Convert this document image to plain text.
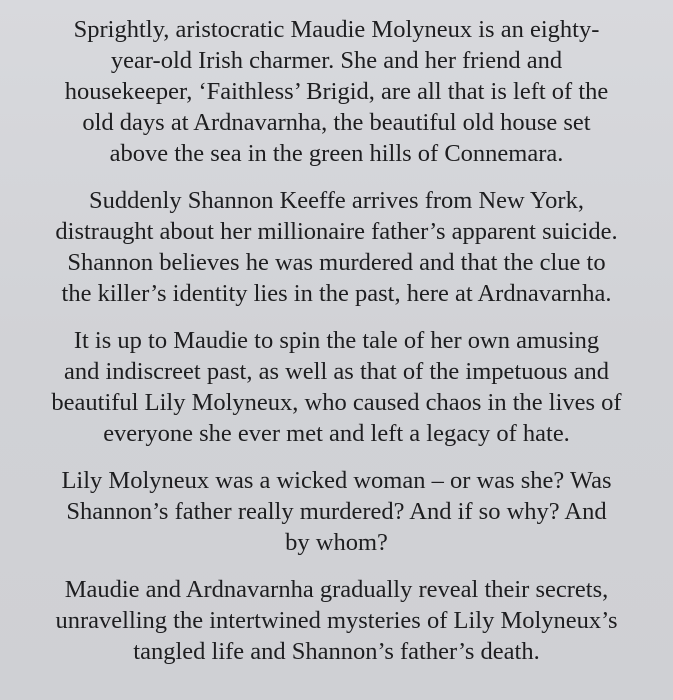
Sprightly, aristocratic Maudie Molyneux is an eighty-
year-old Irish charmer. She and her friend and
housekeeper, ‘Faithless’ Brigid, are all that is left of the
old days at Ardnavarnha, the beautiful old house set
above the sea in the green hills of Connemara.

Suddenly Shannon Keeffe arrives from New York,
distraught about her millionaire father’s apparent suicide.
Shannon believes he was murdered and that the clue to
the killer’s identity lies in the past, here at Ardnavarnha.

It is up to Maudie to spin the tale of her own amusing
and indiscreet past, as well as that of the impetuous and
beautiful Lily Molyneux, who caused chaos in the lives of
everyone she ever met and left a legacy of hate.

Lily Molyneux was a wicked woman – or was she? Was
Shannon’s father really murdered? And if so why? And
by whom?

Maudie and Ardnavarnha gradually reveal their secrets,
unravelling the intertwined mysteries of Lily Molyneux’s
tangled life and Shannon’s father’s death.
